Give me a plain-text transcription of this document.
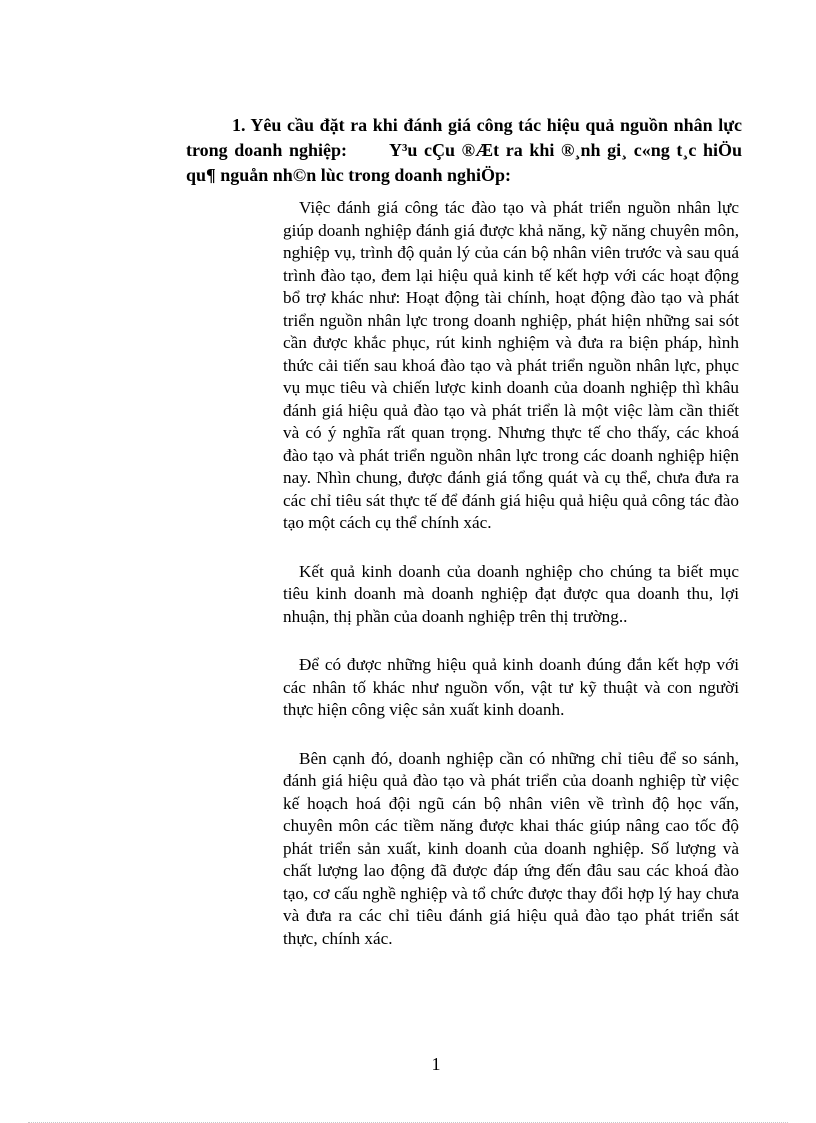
1. Yêu cầu đặt ra khi đánh giá công tác hiệu quả nguồn nhân lực trong doanh nghiệp: Y³u cÇu ®Æt ra khi ®¸nh gi¸ c«ng t¸c hiÖu qu¶ nguån nh©n lùc trong doanh nghiÖp:

Việc đánh giá công tác đào tạo và phát triển nguồn nhân lực giúp doanh nghiệp đánh giá được khả năng, kỹ năng chuyên môn, nghiệp vụ, trình độ quản lý của cán bộ nhân viên trước và sau quá trình đào tạo, đem lại hiệu quả kinh tế kết hợp với các hoạt động bổ trợ khác như: Hoạt động tài chính, hoạt động đào tạo và phát triển nguồn nhân lực trong doanh nghiệp, phát hiện những sai sót cần được khắc phục, rút kinh nghiệm và đưa ra biện pháp, hình thức cải tiến sau khoá đào tạo và phát triển nguồn nhân lực, phục vụ mục tiêu và chiến lược kinh doanh của doanh nghiệp thì khâu đánh giá hiệu quả đào tạo và phát triển là một việc làm cần thiết và có ý nghĩa rất quan trọng. Nhưng thực tế cho thấy, các khoá đào tạo và phát triển nguồn nhân lực trong các doanh nghiệp hiện nay. Nhìn chung, được đánh giá tổng quát và cụ thể, chưa đưa ra các chỉ tiêu sát thực tế để đánh giá hiệu quả hiệu quả công tác đào tạo một cách cụ thể chính xác.

Kết quả kinh doanh của doanh nghiệp cho chúng ta biết mục tiêu kinh doanh mà doanh nghiệp đạt được qua doanh thu, lợi nhuận, thị phần của doanh nghiệp trên thị trường..

Để có được những hiệu quả kinh doanh đúng đắn kết hợp với các nhân tố khác như nguồn vốn, vật tư kỹ thuật và con người thực hiện công việc sản xuất kinh doanh.

Bên cạnh đó, doanh nghiệp cần có những chỉ tiêu để so sánh, đánh giá hiệu quả đào tạo và phát triển của doanh nghiệp từ việc kế hoạch hoá đội ngũ cán bộ nhân viên về trình độ học vấn, chuyên môn các tiềm năng được khai thác giúp nâng cao tốc độ phát triển sản xuất, kinh doanh của doanh nghiệp. Số lượng và chất lượng lao động đã được đáp ứng đến đâu sau các khoá đào tạo, cơ cấu nghề nghiệp và tổ chức được thay đổi hợp lý hay chưa và đưa ra các chỉ tiêu đánh giá hiệu quả đào tạo phát triển sát thực, chính xác.

1
